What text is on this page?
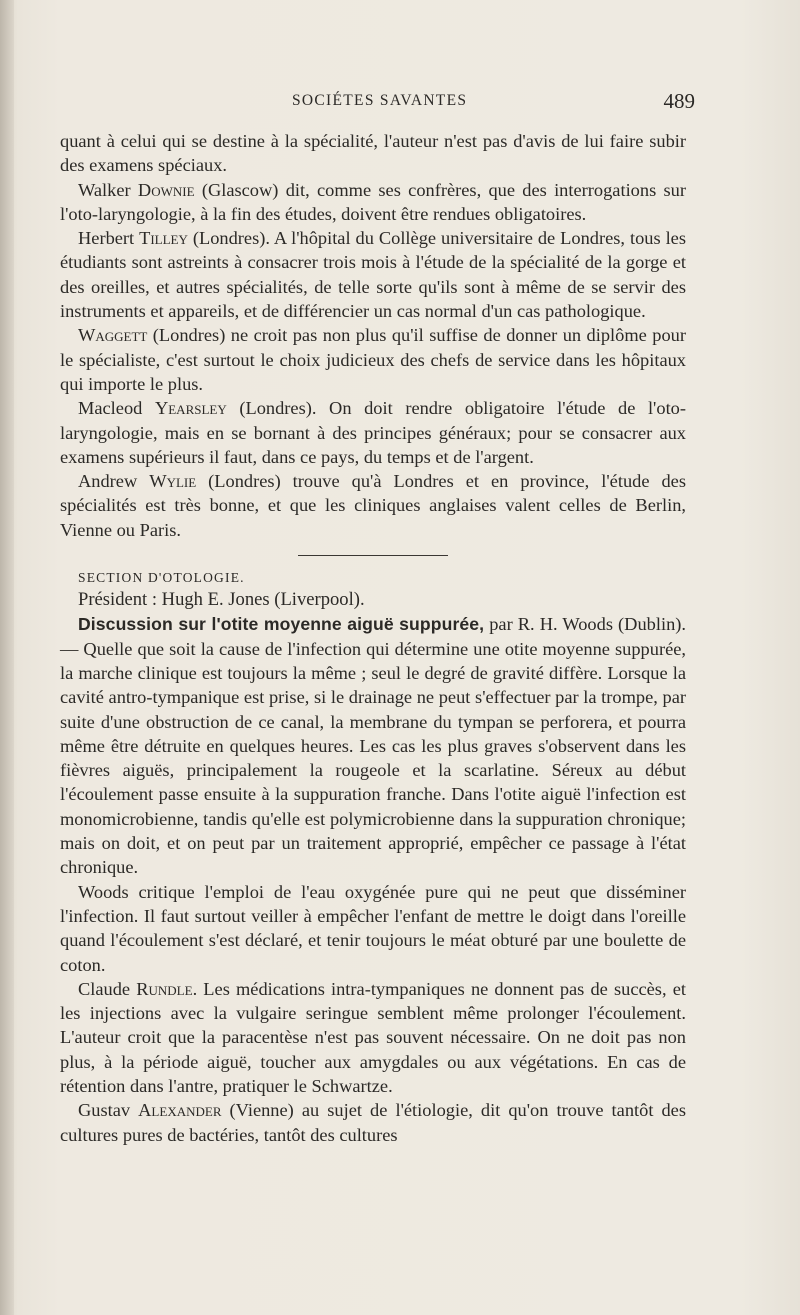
SOCIÉTES SAVANTES	489

quant à celui qui se destine à la spécialité, l'auteur n'est pas d'avis de lui faire subir des examens spéciaux.

Walker Downie (Glascow) dit, comme ses confrères, que des interrogations sur l'oto-laryngologie, à la fin des études, doivent être rendues obligatoires.

Herbert Tilley (Londres). A l'hôpital du Collège universitaire de Londres, tous les étudiants sont astreints à consacrer trois mois à l'étude de la spécialité de la gorge et des oreilles, et autres spécialités, de telle sorte qu'ils sont à même de se servir des instruments et appareils, et de différencier un cas normal d'un cas pathologique.

Waggett (Londres) ne croit pas non plus qu'il suffise de donner un diplôme pour le spécialiste, c'est surtout le choix judicieux des chefs de service dans les hôpitaux qui importe le plus.

Macleod Yearsley (Londres). On doit rendre obligatoire l'étude de l'oto-laryngologie, mais en se bornant à des principes généraux; pour se consacrer aux examens supérieurs il faut, dans ce pays, du temps et de l'argent.

Andrew Wylie (Londres) trouve qu'à Londres et en province, l'étude des spécialités est très bonne, et que les cliniques anglaises valent celles de Berlin, Vienne ou Paris.

SECTION D'OTOLOGIE.

Président : Hugh E. Jones (Liverpool).

Discussion sur l'otite moyenne aiguë suppurée, par R. H. Woods (Dublin). — Quelle que soit la cause de l'infection qui détermine une otite moyenne suppurée, la marche clinique est toujours la même ; seul le degré de gravité diffère. Lorsque la cavité antro-tympanique est prise, si le drainage ne peut s'effectuer par la trompe, par suite d'une obstruction de ce canal, la membrane du tympan se perforera, et pourra même être détruite en quelques heures. Les cas les plus graves s'observent dans les fièvres aiguës, principalement la rougeole et la scarlatine. Séreux au début l'écoulement passe ensuite à la suppuration franche. Dans l'otite aiguë l'infection est monomicrobienne, tandis qu'elle est polymicrobienne dans la suppuration chronique; mais on doit, et on peut par un traitement approprié, empêcher ce passage à l'état chronique.

Woods critique l'emploi de l'eau oxygénée pure qui ne peut que disséminer l'infection. Il faut surtout veiller à empêcher l'enfant de mettre le doigt dans l'oreille quand l'écoulement s'est déclaré, et tenir toujours le méat obturé par une boulette de coton.

Claude Rundle. Les médications intra-tympaniques ne donnent pas de succès, et les injections avec la vulgaire seringue semblent même prolonger l'écoulement. L'auteur croit que la paracentèse n'est pas souvent nécessaire. On ne doit pas non plus, à la période aiguë, toucher aux amygdales ou aux végétations. En cas de rétention dans l'antre, pratiquer le Schwartze.

Gustav Alexander (Vienne) au sujet de l'étiologie, dit qu'on trouve tantôt des cultures pures de bactéries, tantôt des cultures
